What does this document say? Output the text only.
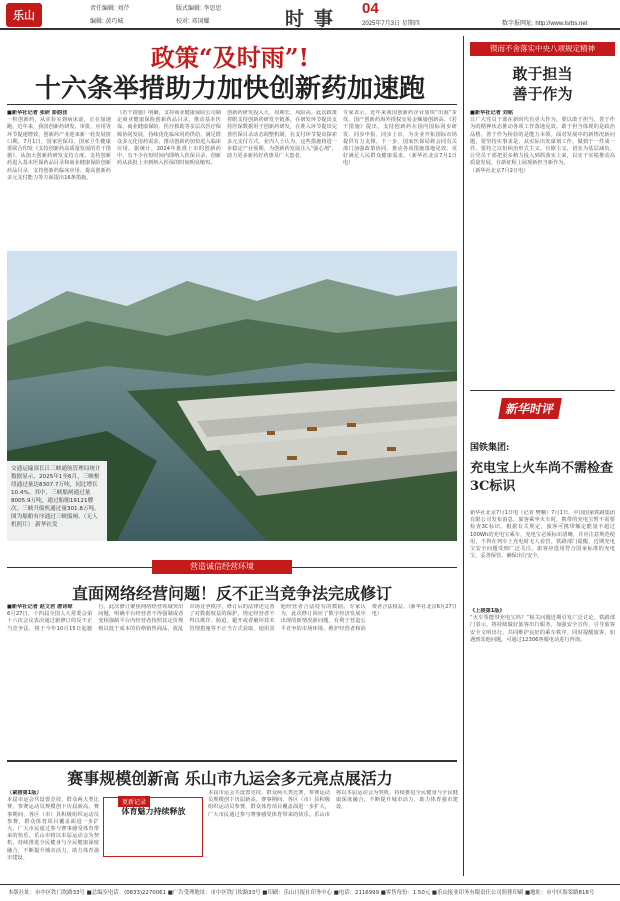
乐山	责任编辑: 刘芹
编辑: 黄巧城
版式编辑: 李思思
校对: 邓国耀	时事 04
2025年7月3日 星期四	数字报网址: http://www.lsrbs.net
政策“及时雨”!
十六条举措助力加快创新药加速跑
■新华社记者 张研 彭韵佳
一粒创新药，从实验室到病床前，正在加速跑。近年来，我国创新药研发、审批、应用等环节提速增效，创新药产业迎来新一轮发展窗口期。7月1日，国家医保局、国家卫生健康委联合印发《支持创新药高质量发展的若干措施》，从加大创新药研发支持力度、支持创新药进入基本医保药品目录和商业健康保险创新药品目录、支持创新药临床应用、提高创新药多元支付能力等方面提出16条措施。
《若干措施》明确，支持商业健康保险公司制定商业健康保险创新药品目录，推动基本医保、商业健康保险、医疗救助等多层次医疗保障协同发展，持续优化临床用药供给，满足群众多元化用药需求，推动创新药加快进入临床应用。据统计，2024年批准上市的创新药中，有不少在短时间内即纳入医保目录，创新药从获批上市到纳入医保的时间明显缩短。
创新药研发投入大、周期长、风险高。此次政策着眼支持创新药研发全链条，在研发环节提出支持医保数据用于创新药研发，在准入环节提出完善医保目录动态调整机制，在支付环节提出探索多元支付方式。业内人士认为，这些措施将进一步稳定产业预期，为创新药发展注入“强心剂”，助力更多新药好药惠及广大患者。
专家表示，近年来我国创新药企业加快“出海”步伐，国产创新药海外授权交易金额屡创新高。《若干措施》提出，支持创新药在国内国际同步研发、同步申报、同步上市，为企业开拓国际市场提供有力支撑。下一步，国家医保局将会同有关部门加强政策协同，推动各项措施落地见效，更好满足人民群众健康需求。（新华社北京7月1日电）
交通运输部长江三峡通航管理局统计数据显示，2025年1至6月，三峡枢纽通过量达8307.7万吨，同比增长10.4%。其中，三峡船闸通过量8005.9万吨，通过船舶19121艘次。三峡升船机通过量301.8万吨。图为船舶有序通过三峡船闸。（无人机照片） 新华社发
锲而不舍落实中央八项规定精神
敢于担当
善于作为
■新华社记者 刘铭
让广大党员干部在新时代有更大作为，要以敢于担当、善于作为的精神状态推动各项工作落地见效。敢于担当体现的是政治品格，善于作为检验的是能力本领。面对发展中的新情况新问题，要坚持实事求是，从实际出发谋划工作，做到干一件成一件。要持之以恒纠治形式主义、官僚主义，切实为基层减负，让党员干部把更多精力投入到抓落实上来，以实干实绩推动高质量发展，在新征程上展现新担当新作为。
（新华社北京7月2日电）
新华时评
国铁集团:
充电宝上火车尚不需检查3C标识
新华社北京7月1日电（记者 樊曦）7月1日，中国国家铁路集团有限公司发布消息，旅客乘坐火车时，携带的充电宝暂不需要检查3C标识。根据有关规定，旅客可携带额定能量不超过100Wh的充电宝乘车，充电宝必须标识清晰，并应注意规范使用，不得在列车上充电时无人看管。铁路部门提醒，近期充电宝安全问题受到广泛关注，旅客应选用符合国家标准的充电宝，妥善保管，确保出行安全。
《上接第1版》
“火车票能带充电宝吗？”相关问题近期引发广泛讨论。铁路部门表示，将持续做好旅客出行服务，加强安全宣传，引导旅客安全文明出行，共同维护良好的乘车秩序。同时提醒旅客，如遇到其他问题，可通过12306客服电话进行咨询。
营造诚信经营环境
直面网络经营问题！反不正当竞争法完成修订
■新华社记者 赵文君 唐诗琼
6月27日，十四届全国人大常委会第十六次会议表决通过新修订的反不正当竞争法，将于今年10月15日起施行。此次修订聚焦网络经营领域突出问题，明确平台经营者不得强制或者变相强制平台内经营者按照其定价规则以低于成本的价格销售商品，扰乱市场竞争秩序。修订后的法律还完善了对数据权益的保护，规定经营者不得以欺诈、胁迫、避开或者破坏技术管理措施等不正当方式获取、使用其他经营者合法持有的数据。专家认为，此次修订回应了数字经济发展中出现的新情况新问题，有利于营造公平竞争的市场环境，维护经营者和消费者合法权益。（新华社北京6月27日电）
赛事规模创新高 乐山市九运会多元亮点展活力
（紧接第1版）
本届市运会共设置竞技、群众两大类比赛，参赛运动员规模创下历届新高。赛事期间，各区（市）县积极组织运动员参赛，群众体育项目覆盖面进一步扩大，广大市民通过参与赛事感受体育带来的快乐。乐山市将以本届运动会为契机，持续推进全民健身与全民健康深度融合，不断提升城市活力，助力体育强市建设。
更新记录
体育魅力持续释放
本届市运会共设置竞技、群众两大类比赛，参赛运动员规模创下历届新高。赛事期间，各区（市）县积极组织运动员参赛，群众体育项目覆盖面进一步扩大，广大市民通过参与赛事感受体育带来的快乐。乐山市将以本届运动会为契机，持续推进全民健身与全民健康深度融合，不断提升城市活力，助力体育强市建设。
本版社址：市中区铁门坎路33号 ■总编室电话：(0833)2270061 ■广告受理地址：市中区铁门坎路33号 ■印刷：乐山日报社印务中心 ■电话：2116999 ■零售每份：1.50元 ■乐山报业印务有限责任公司照排印刷 ■地址：市中区海棠路818号
